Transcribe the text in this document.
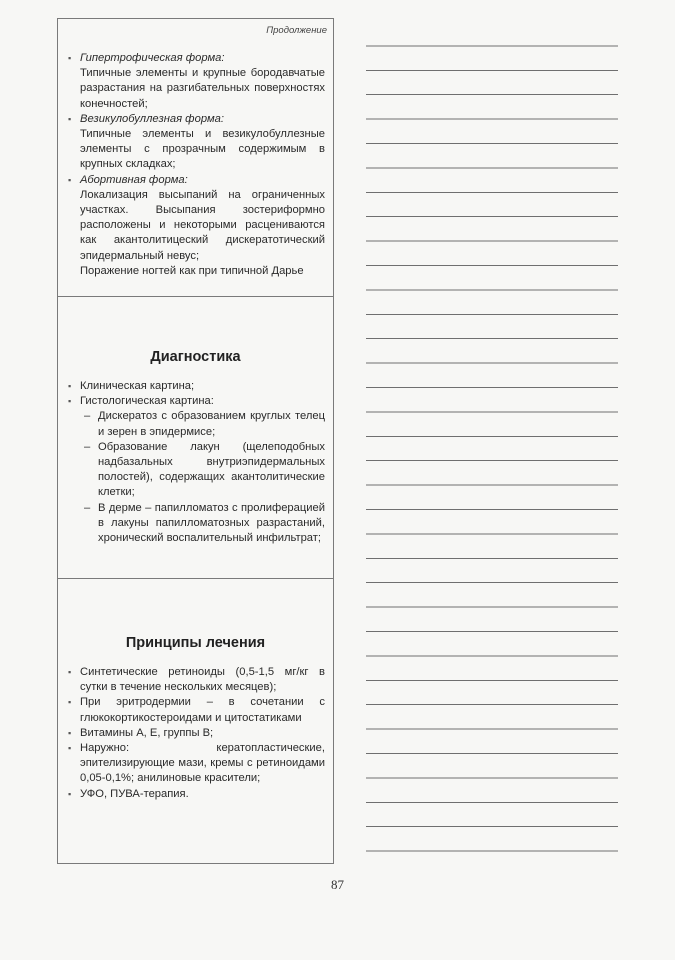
Продолжение
▪ Гипертрофическая форма:
Типичные элементы и крупные бородавчатые разрастания на разгибательных поверхностях конечностей;
▪ Везикулобуллезная форма:
Типичные элементы и везикулобуллезные элементы с прозрачным содержимым в крупных складках;
▪ Абортивная форма:
Локализация высыпаний на ограниченных участках. Высыпания зостериформно расположены и некоторыми расцениваются как акантолитицеский дискератотический эпидермальный невус;
Поражение ногтей как при типичной Дарье
Диагностика
▪ Клиническая картина;
▪ Гистологическая картина:
– Дискератоз с образованием круглых телец и зерен в эпидермисе;
– Образование лакун (щелеподобных надбазальных внутриэпидермальных полостей), содержащих акантолитические клетки;
– В дерме – папилломатоз с пролиферацией в лакуны папилломатозных разрастаний, хронический воспалительный инфильтрат;
Принципы лечения
▪ Синтетические ретиноиды (0,5-1,5 мг/кг в сутки в течение нескольких месяцев);
▪ При эритродермии – в сочетании с глюкокортикостероидами и цитостатиками
▪ Витамины А, Е, группы В;
▪ Наружно: кератопластические, эпителизирующие мази, кремы с ретиноидами 0,05-0,1%; анилиновые красители;
▪ УФО, ПУВА-терапия.
87
